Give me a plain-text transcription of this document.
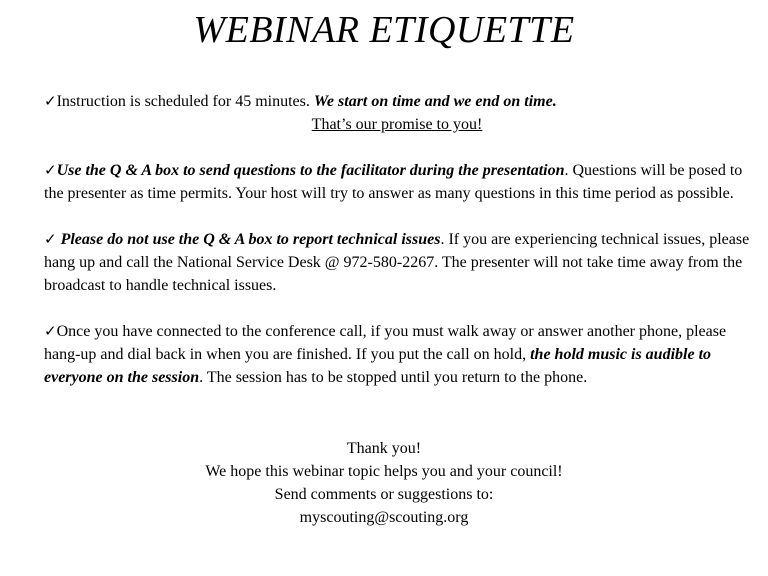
WEBINAR ETIQUETTE

✓Instruction is scheduled for 45 minutes. We start on time and we end on time.

That’s our promise to you!

✓Use the Q & A box to send questions to the facilitator during the presentation. Questions will be posed to the presenter as time permits. Your host will try to answer as many questions in this time period as possible.

✓ Please do not use the Q & A box to report technical issues. If you are experiencing technical issues, please hang up and call the National Service Desk @ 972-580-2267. The presenter will not take time away from the broadcast to handle technical issues.

✓Once you have connected to the conference call, if you must walk away or answer another phone, please hang-up and dial back in when you are finished. If you put the call on hold, the hold music is audible to everyone on the session. The session has to be stopped until you return to the phone.

Thank you!
We hope this webinar topic helps you and your council!
Send comments or suggestions to:
myscouting@scouting.org
